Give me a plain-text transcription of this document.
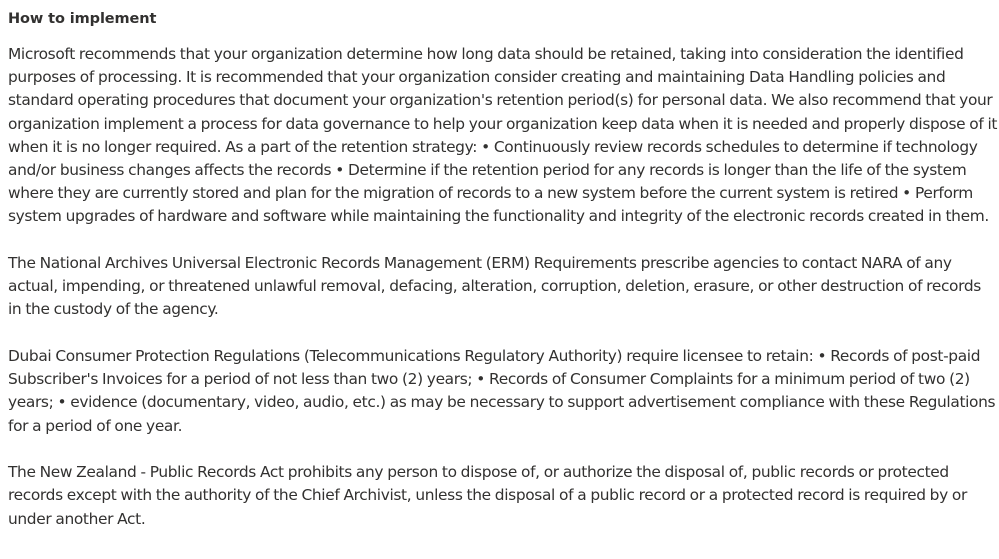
How to implement
Microsoft recommends that your organization determine how long data should be retained, taking into consideration the identified purposes of processing. It is recommended that your organization consider creating and maintaining Data Handling policies and standard operating procedures that document your organization's retention period(s) for personal data. We also recommend that your organization implement a process for data governance to help your organization keep data when it is needed and properly dispose of it when it is no longer required. As a part of the retention strategy: • Continuously review records schedules to determine if technology and/or business changes affects the records • Determine if the retention period for any records is longer than the life of the system where they are currently stored and plan for the migration of records to a new system before the current system is retired • Perform system upgrades of hardware and software while maintaining the functionality and integrity of the electronic records created in them.
The National Archives Universal Electronic Records Management (ERM) Requirements prescribe agencies to contact NARA of any actual, impending, or threatened unlawful removal, defacing, alteration, corruption, deletion, erasure, or other destruction of records in the custody of the agency.
Dubai Consumer Protection Regulations (Telecommunications Regulatory Authority) require licensee to retain: • Records of post-paid Subscriber's Invoices for a period of not less than two (2) years; • Records of Consumer Complaints for a minimum period of two (2) years; • evidence (documentary, video, audio, etc.) as may be necessary to support advertisement compliance with these Regulations for a period of one year.
The New Zealand - Public Records Act prohibits any person to dispose of, or authorize the disposal of, public records or protected records except with the authority of the Chief Archivist, unless the disposal of a public record or a protected record is required by or under another Act.
